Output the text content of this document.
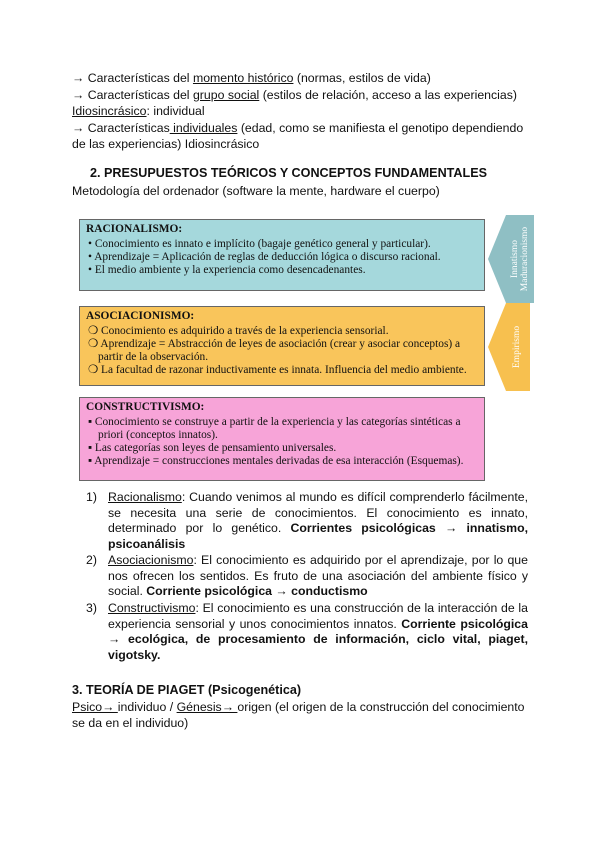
→ Características del momento histórico (normas, estilos de vida)
→ Características del grupo social (estilos de relación, acceso a las experiencias)
Idiosincrásico: individual
→ Características individuales (edad, como se manifiesta el genotipo dependiendo
de las experiencias) Idiosincrásico
2. PRESUPUESTOS TEÓRICOS Y CONCEPTOS FUNDAMENTALES
Metodología del ordenador (software la mente, hardware el cuerpo)
RACIONALISMO:
• Conocimiento es innato e implícito (bagaje genético general y particular).
• Aprendizaje = Aplicación de reglas de deducción lógica o discurso racional.
• El medio ambiente y la experiencia como desencadenantes.	Innatismo Maduracionismo
ASOCIACIONISMO:
❍ Conocimiento es adquirido a través de la experiencia sensorial.
❍ Aprendizaje = Abstracción de leyes de asociación (crear y asociar conceptos) a partir de la observación.
❍ La facultad de razonar inductivamente es innata. Influencia del medio ambiente.
Empirismo
CONSTRUCTIVISMO:
▪ Conocimiento se construye a partir de la experiencia y las categorías sintéticas a priori (conceptos innatos).
▪ Las categorías son leyes de pensamiento universales.
▪ Aprendizaje = construcciones mentales derivadas de esa interacción (Esquemas).
1) Racionalismo: Cuando venimos al mundo es difícil comprenderlo fácilmente, se necesita una serie de conocimientos. El conocimiento es innato, determinado por lo genético. Corrientes psicológicas → innatismo, psicoanálisis
2) Asociacionismo: El conocimiento es adquirido por el aprendizaje, por lo que nos ofrecen los sentidos. Es fruto de una asociación del ambiente físico y social. Corriente psicológica → conductismo
3) Constructivismo: El conocimiento es una construcción de la interacción de la experiencia sensorial y unos conocimientos innatos. Corriente psicológica → ecológica, de procesamiento de información, ciclo vital, piaget, vigotsky.
3. TEORÍA DE PIAGET (Psicogenética)
Psico→ individuo / Génesis→ origen (el origen de la construcción del conocimiento
se da en el individuo)
